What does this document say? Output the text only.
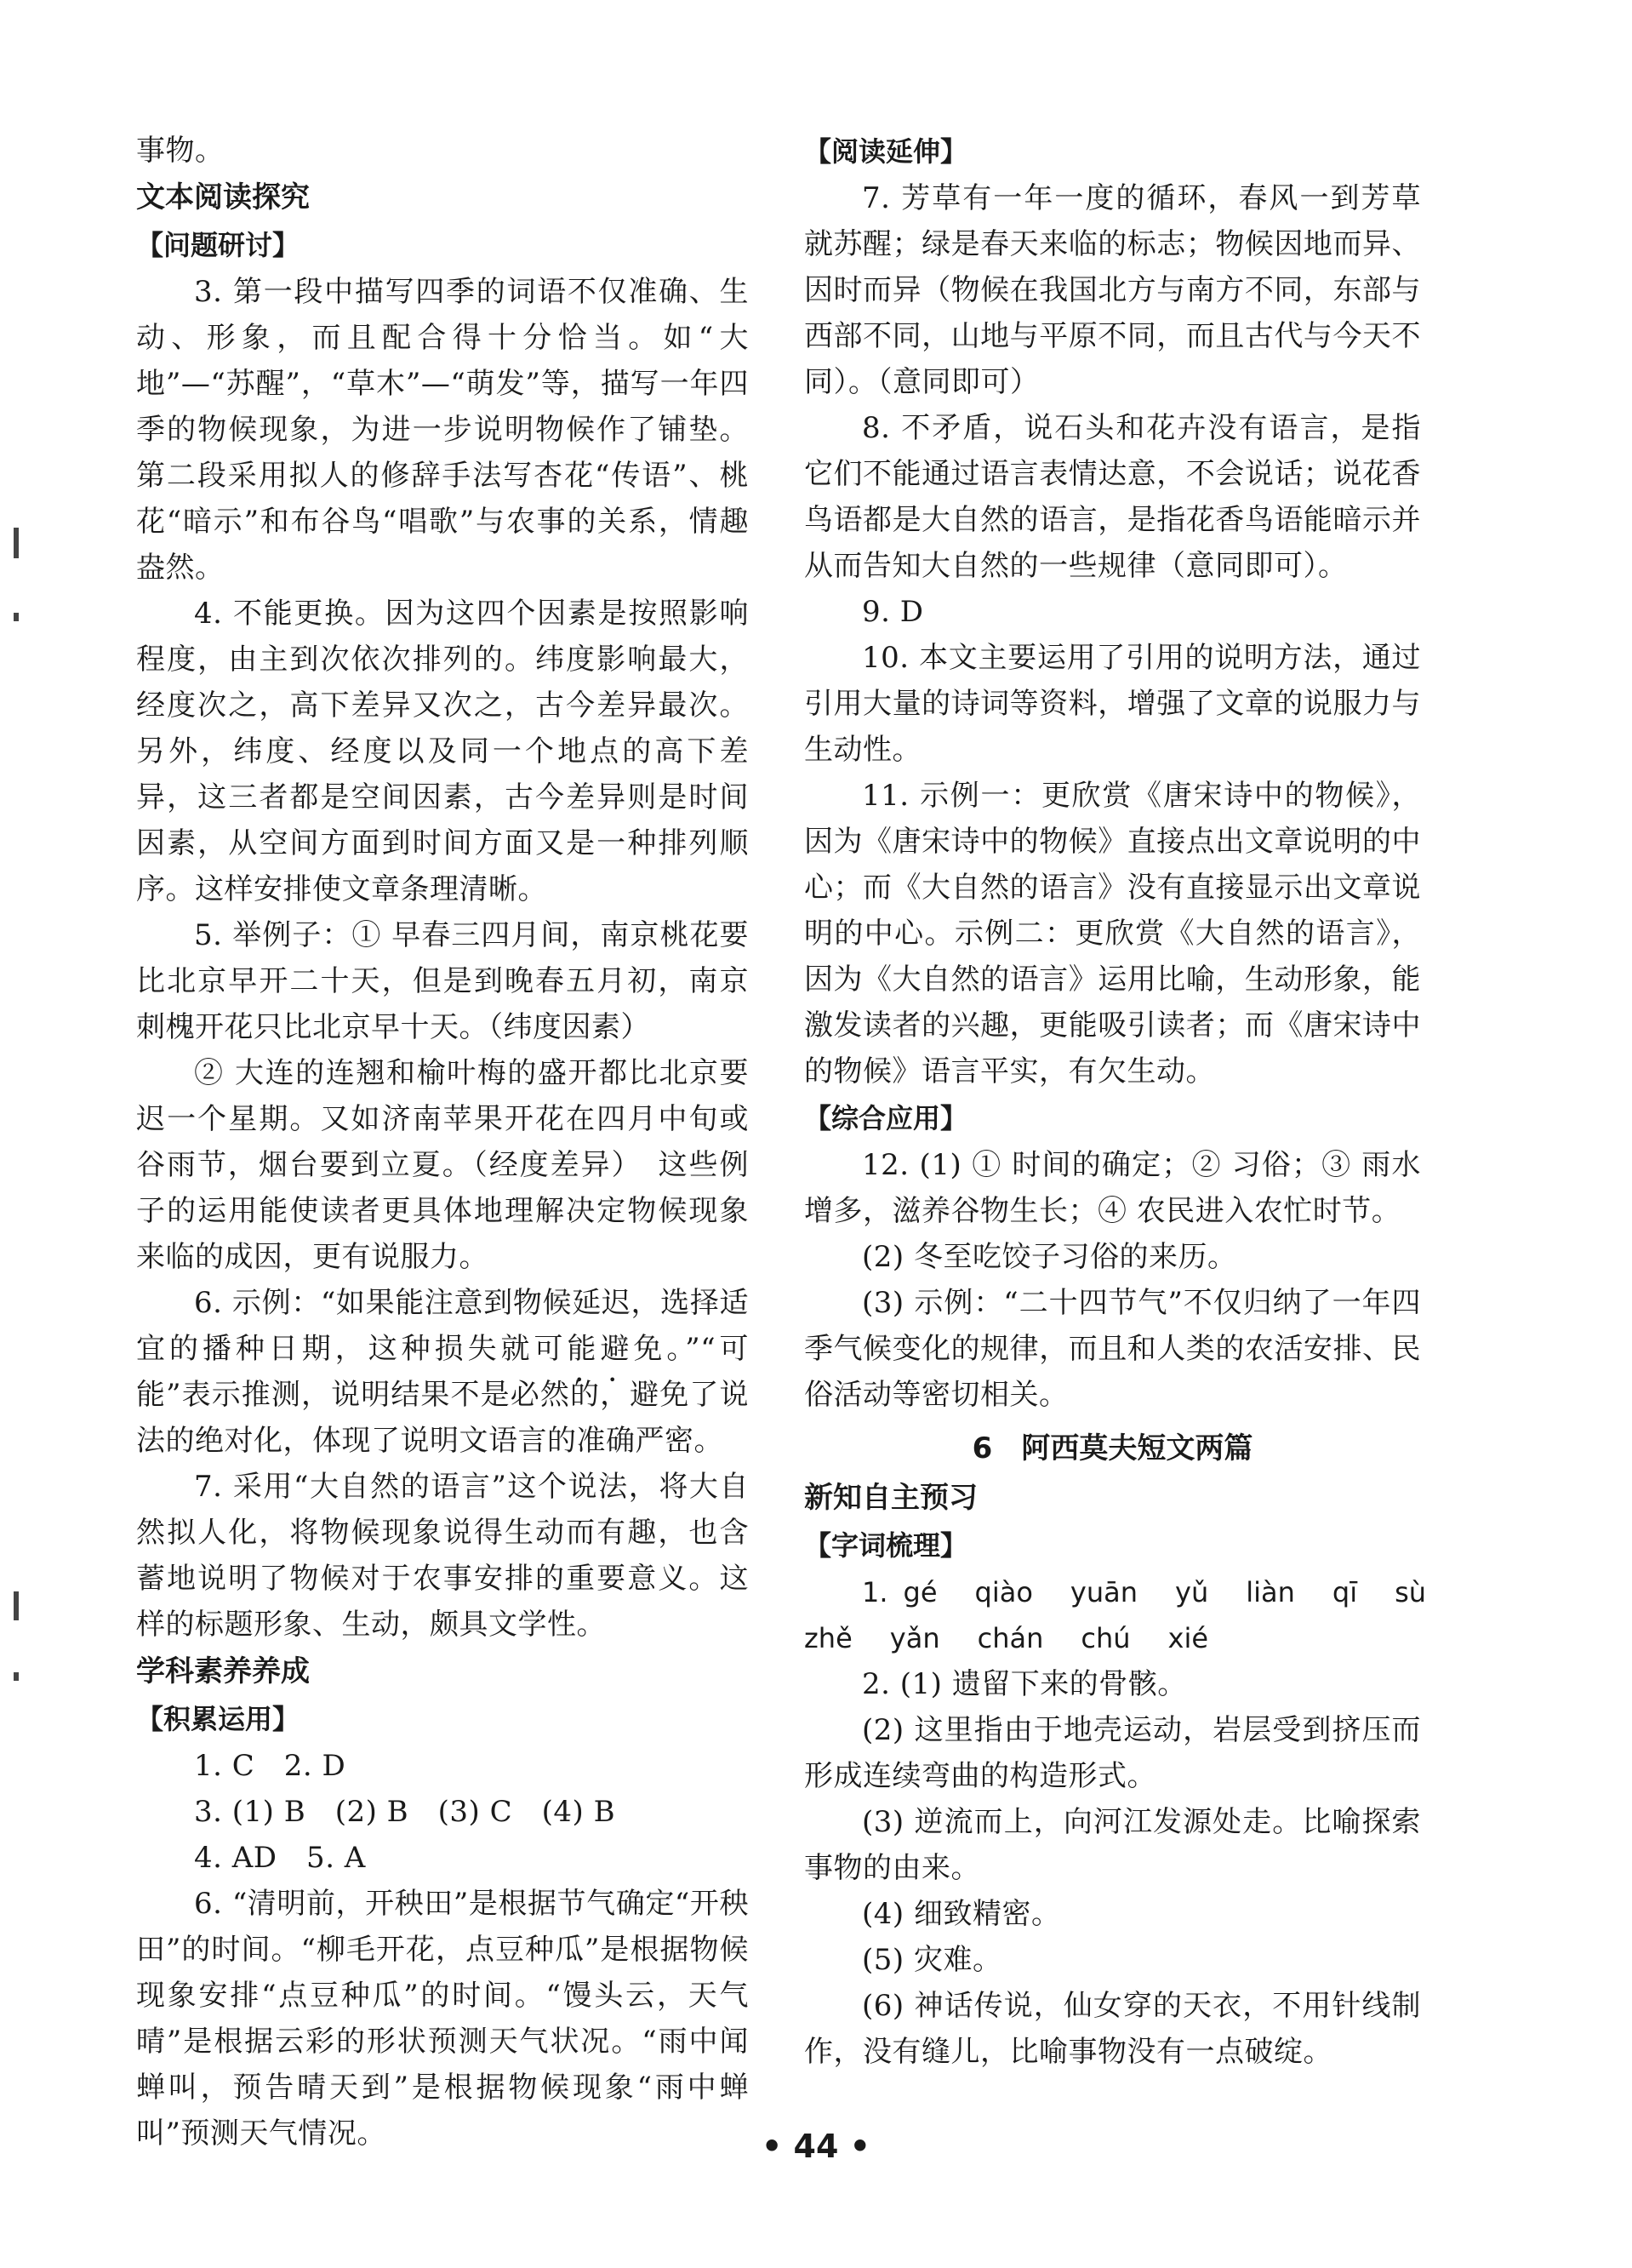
事物。

文本阅读探究

【问题研讨】

3. 第一段中描写四季的词语不仅准确、生动、形象，而且配合得十分恰当。如“大地”—“苏醒”，“草木”—“萌发”等，描写一年四季的物候现象，为进一步说明物候作了铺垫。第二段采用拟人的修辞手法写杏花“传语”、桃花“暗示”和布谷鸟“唱歌”与农事的关系，情趣盎然。

4. 不能更换。因为这四个因素是按照影响程度，由主到次依次排列的。纬度影响最大，经度次之，高下差异又次之，古今差异最次。另外，纬度、经度以及同一个地点的高下差异，这三者都是空间因素，古今差异则是时间因素，从空间方面到时间方面又是一种排列顺序。这样安排使文章条理清晰。

5. 举例子：① 早春三四月间，南京桃花要比北京早开二十天，但是到晚春五月初，南京刺槐开花只比北京早十天。（纬度因素）

② 大连的连翘和榆叶梅的盛开都比北京要迟一个星期。又如济南苹果开花在四月中旬或谷雨节，烟台要到立夏。（经度差异）　这些例子的运用能使读者更具体地理解决定物候现象来临的成因，更有说服力。

6. 示例：“如果能注意到物候延迟，选择适宜的播种日期，这种损失就可能避免。”“可能”表示推测，说明结果不是必然的，避免了说法的绝对化，体现了说明文语言的准确严密。

7. 采用“大自然的语言”这个说法，将大自然拟人化，将物候现象说得生动而有趣，也含蓄地说明了物候对于农事安排的重要意义。这样的标题形象、生动，颇具文学性。

学科素养养成

【积累运用】

1. C　2. D

3. (1) B　(2) B　(3) C　(4) B

4. AD　5. A

6. “清明前，开秧田”是根据节气确定“开秧田”的时间。“柳毛开花，点豆种瓜”是根据物候现象安排“点豆种瓜”的时间。“馒头云，天气晴”是根据云彩的形状预测天气状况。“雨中闻蝉叫，预告晴天到”是根据物候现象“雨中蝉叫”预测天气情况。

【阅读延伸】

7. 芳草有一年一度的循环，春风一到芳草就苏醒；绿是春天来临的标志；物候因地而异、因时而异（物候在我国北方与南方不同，东部与西部不同，山地与平原不同，而且古代与今天不同）。（意同即可）

8. 不矛盾，说石头和花卉没有语言，是指它们不能通过语言表情达意，不会说话；说花香鸟语都是大自然的语言，是指花香鸟语能暗示并从而告知大自然的一些规律（意同即可）。

9. D

10. 本文主要运用了引用的说明方法，通过引用大量的诗词等资料，增强了文章的说服力与生动性。

11. 示例一：更欣赏《唐宋诗中的物候》，因为《唐宋诗中的物候》直接点出文章说明的中心；而《大自然的语言》没有直接显示出文章说明的中心。示例二：更欣赏《大自然的语言》，因为《大自然的语言》运用比喻，生动形象，能激发读者的兴趣，更能吸引读者；而《唐宋诗中的物候》语言平实，有欠生动。

【综合应用】

12. (1) ① 时间的确定；② 习俗；③ 雨水增多，滋养谷物生长；④ 农民进入农忙时节。

(2) 冬至吃饺子习俗的来历。

(3) 示例：“二十四节气”不仅归纳了一年四季气候变化的规律，而且和人类的农活安排、民俗活动等密切相关。

6　阿西莫夫短文两篇

新知自主预习

【字词梳理】

1. gé qiào yuān yǔ liàn qī sù

zhě yǎn chán chú xié

2. (1) 遗留下来的骨骸。

(2) 这里指由于地壳运动，岩层受到挤压而形成连续弯曲的构造形式。

(3) 逆流而上，向河江发源处走。比喻探索事物的由来。

(4) 细致精密。

(5) 灾难。

(6) 神话传说，仙女穿的天衣，不用针线制作，没有缝儿，比喻事物没有一点破绽。

• 44 •
